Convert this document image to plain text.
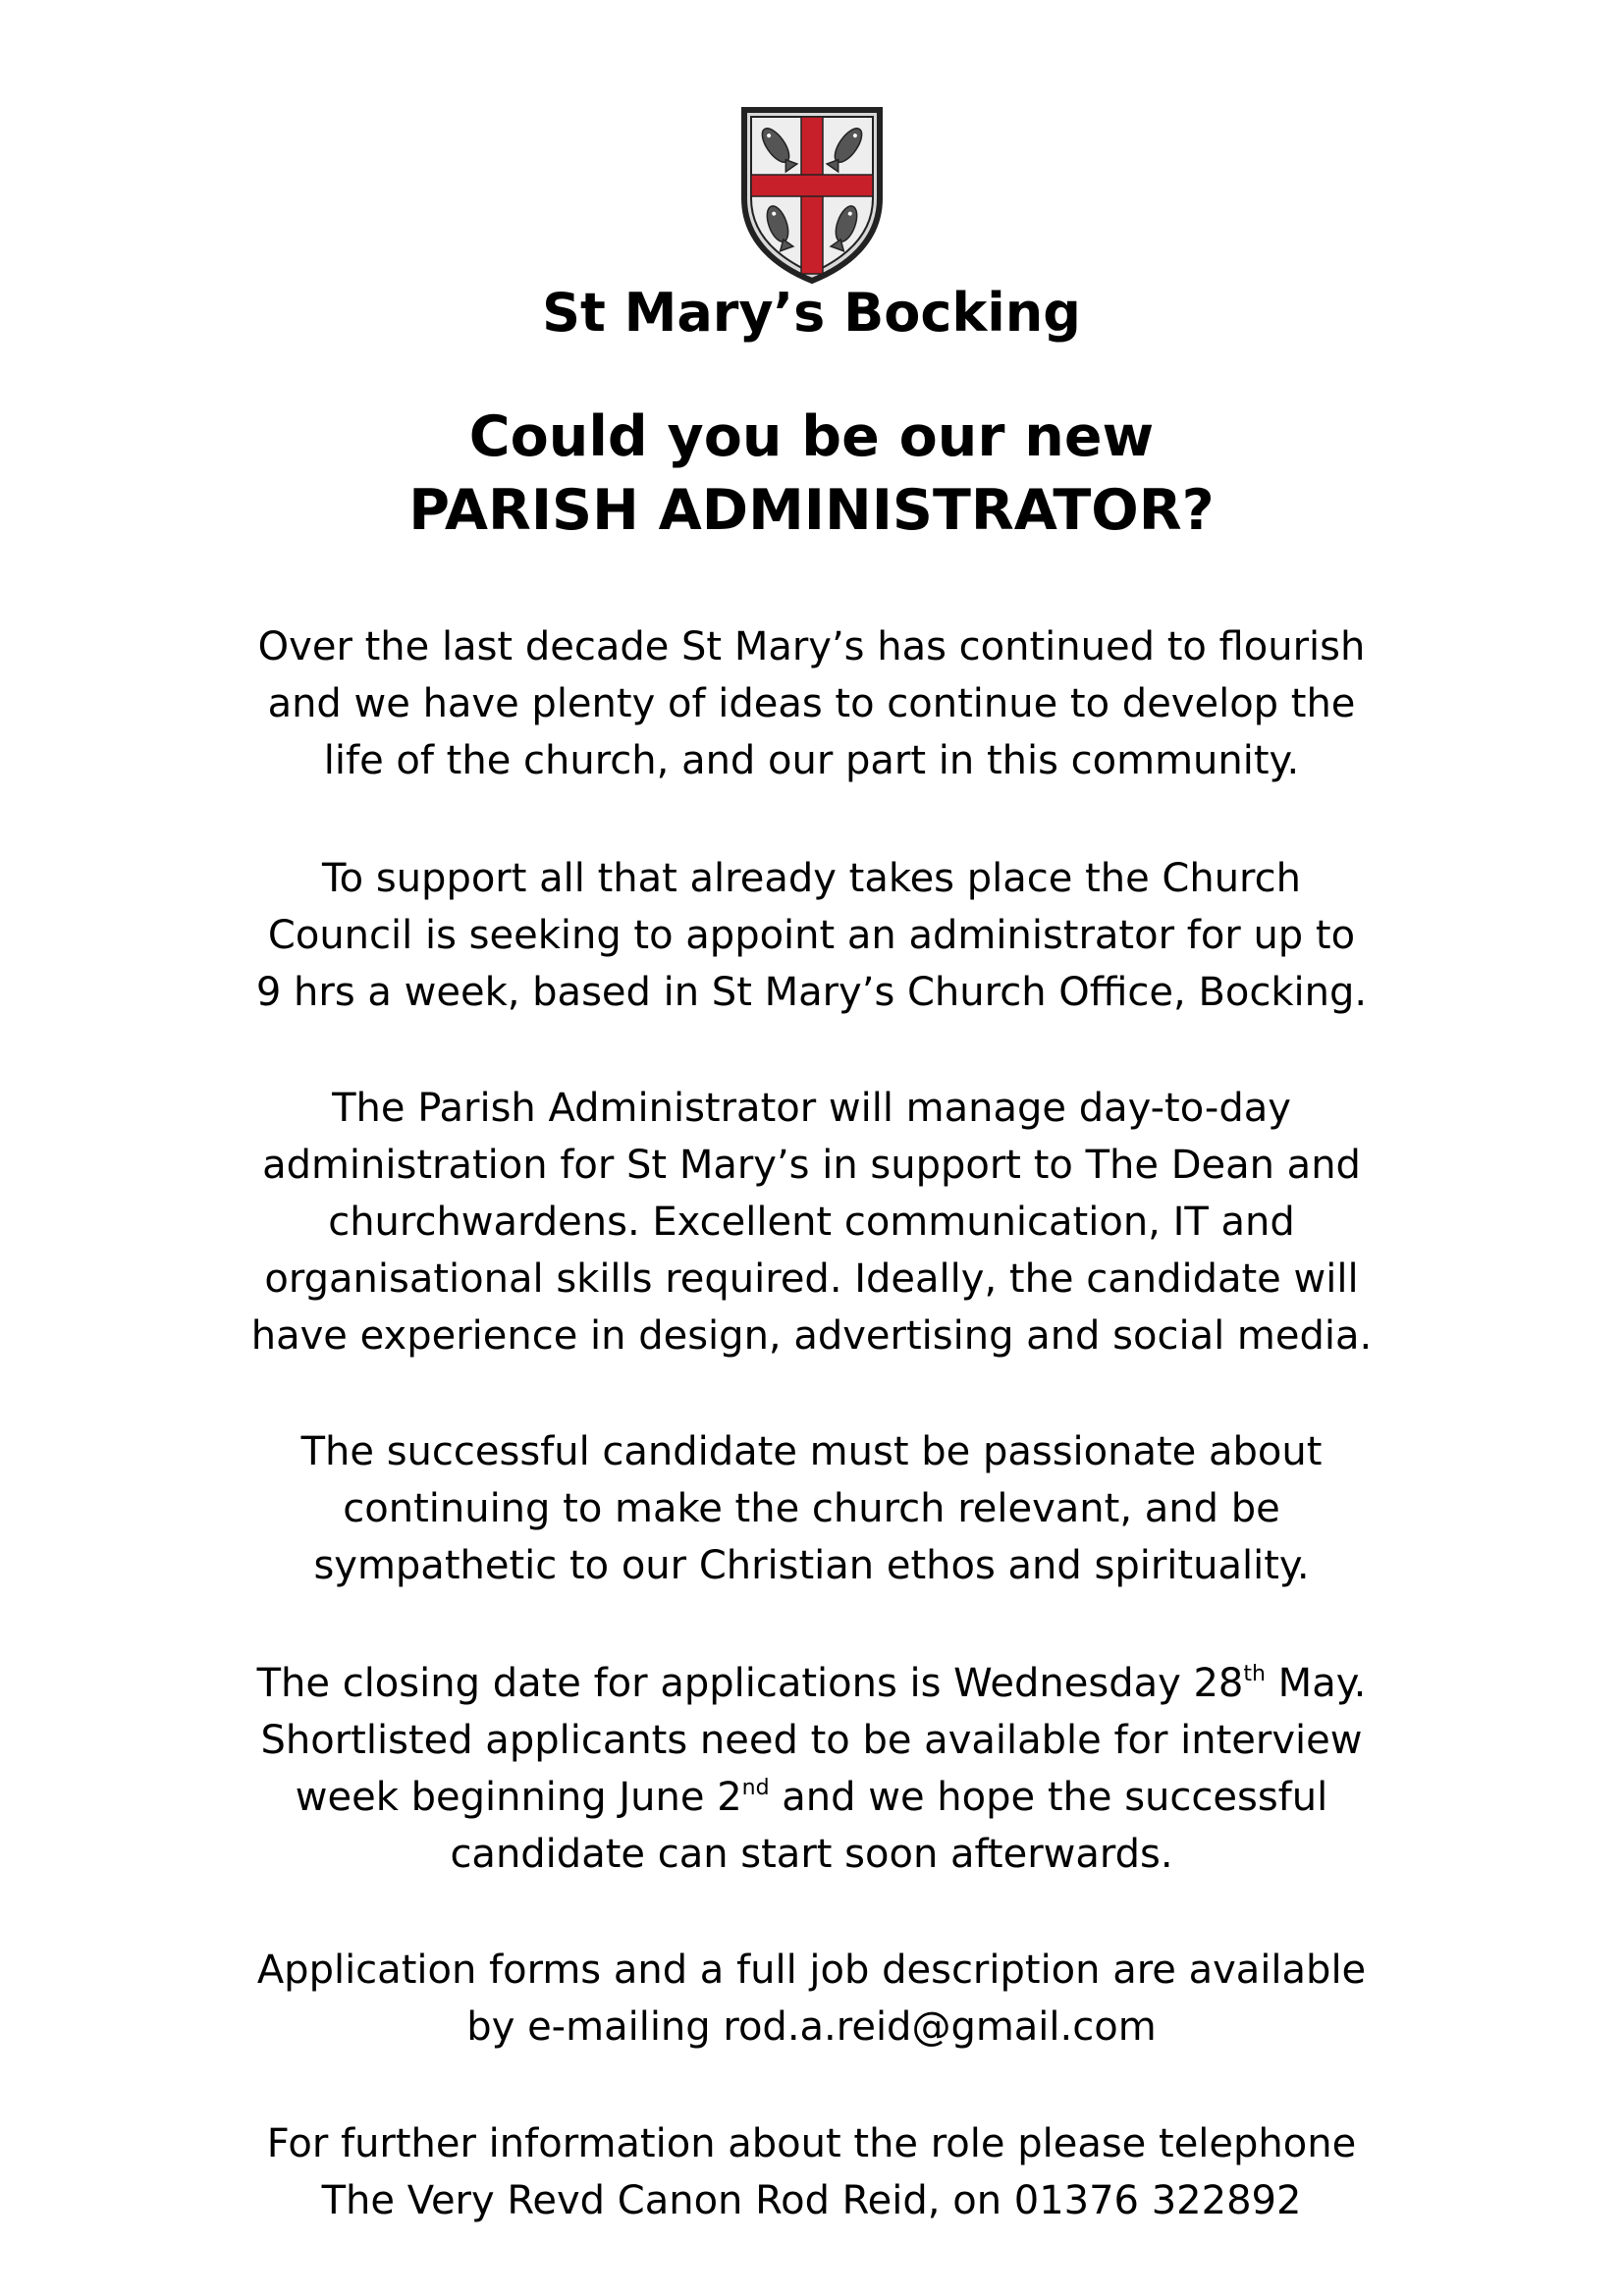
St Mary’s Bocking
Could you be our new
PARISH ADMINISTRATOR?

Over the last decade St Mary’s has continued to flourish
and we have plenty of ideas to continue to develop the
life of the church, and our part in this community.

To support all that already takes place the Church
Council is seeking to appoint an administrator for up to
9 hrs a week, based in St Mary’s Church Office, Bocking.

The Parish Administrator will manage day-to-day
administration for St Mary’s in support to The Dean and
churchwardens. Excellent communication, IT and
organisational skills required. Ideally, the candidate will
have experience in design, advertising and social media.

The successful candidate must be passionate about
continuing to make the church relevant, and be
sympathetic to our Christian ethos and spirituality.

The closing date for applications is Wednesday 28th May.
Shortlisted applicants need to be available for interview
week beginning June 2nd and we hope the successful
candidate can start soon afterwards.

Application forms and a full job description are available
by e-mailing rod.a.reid@gmail.com

For further information about the role please telephone
The Very Revd Canon Rod Reid, on 01376 322892
